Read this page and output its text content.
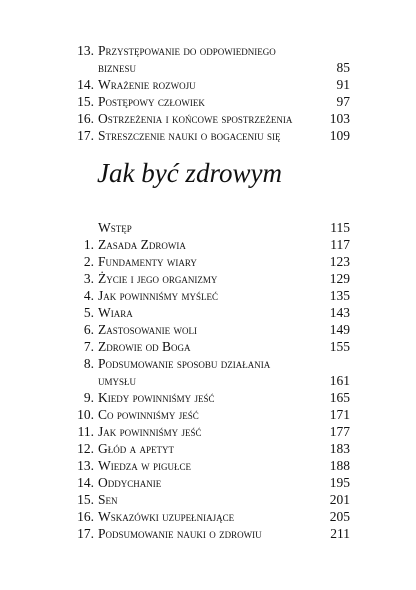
13. Przystępowanie do odpowiedniego
biznesu	85
14. Wrażenie rozwoju	91
15. Postępowy człowiek	97
16. Ostrzeżenia i końcowe spostrzeżenia	103
17. Streszczenie nauki o bogaceniu się	109
Jak być zdrowym
Wstęp	115
1. Zasada Zdrowia	117
2. Fundamenty wiary	123
3. Życie i jego organizmy	129
4. Jak powinniśmy myśleć	135
5. Wiara	143
6. Zastosowanie woli	149
7. Zdrowie od Boga	155
8. Podsumowanie sposobu działania
umysłu	161
9. Kiedy powinniśmy jeść	165
10. Co powinniśmy jeść	171
11. Jak powinniśmy jeść	177
12. Głód a apetyt	183
13. Wiedza w pigułce	188
14. Oddychanie	195
15. Sen	201
16. Wskazówki uzupełniające	205
17. Podsumowanie nauki o zdrowiu	211
